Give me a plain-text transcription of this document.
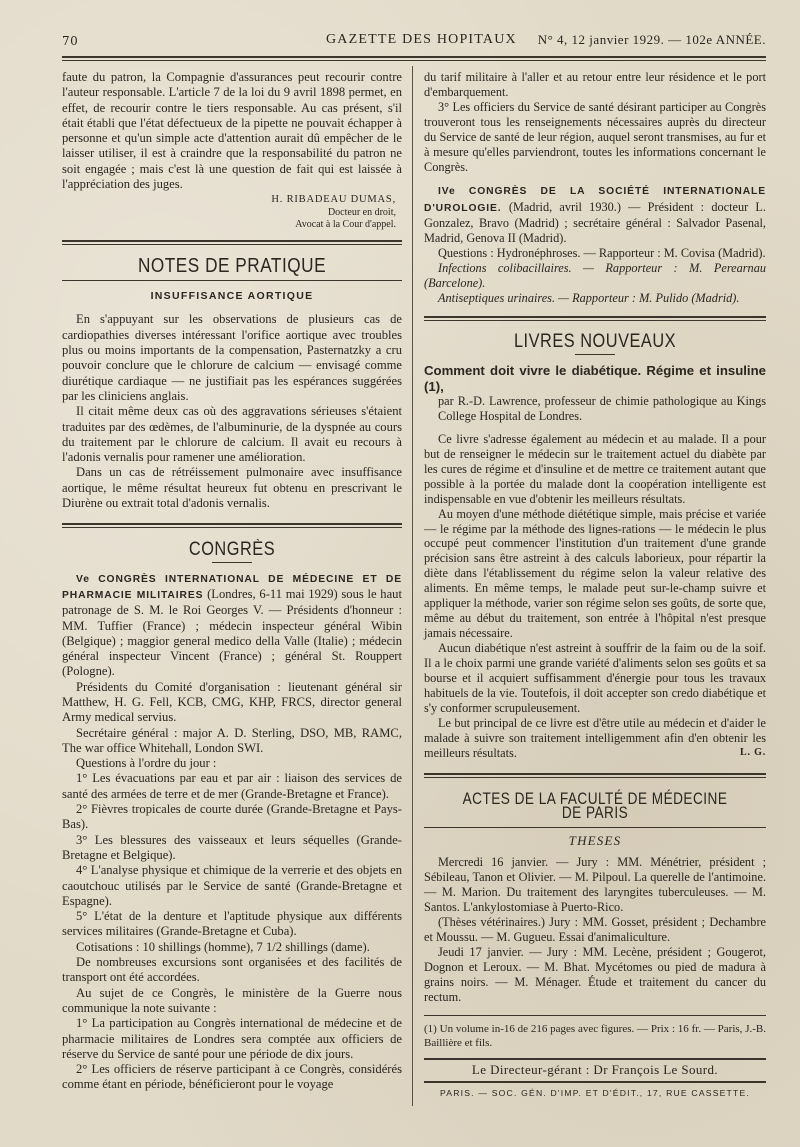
70	GAZETTE DES HOPITAUX N° 4, 12 janvier 1929. — 102e ANNÉE.

faute du patron, la Compagnie d'assurances peut recourir contre l'auteur responsable. L'article 7 de la loi du 9 avril 1898 permet, en effet, de recourir contre le tiers responsable. Au cas présent, s'il était établi que l'état défectueux de la pipette ne pouvait échapper à personne et qu'un simple acte d'attention aurait dû empêcher de le laisser utiliser, il est à craindre que la responsabilité du patron ne soit engagée ; mais c'est là une question de fait qui est laissée à l'appréciation des juges.

H. RIBADEAU DUMAS,
Docteur en droit,
Avocat à la Cour d'appel.
NOTES DE PRATIQUE
INSUFFISANCE AORTIQUE

En s'appuyant sur les observations de plusieurs cas de cardiopathies diverses intéressant l'orifice aortique avec troubles plus ou moins importants de la compensation, Pasternatzky a cru pouvoir conclure que le chlorure de calcium — envisagé comme diurétique cardiaque — ne justifiait pas les espérances suggérées par les cliniciens anglais.

Il citait même deux cas où des aggravations sérieuses s'étaient traduites par des œdèmes, de l'albuminurie, de la dyspnée au cours du traitement par le chlorure de calcium. Il avait eu recours à l'adonis vernalis pour ramener une amélioration.

Dans un cas de rétréissement pulmonaire avec insuffisance aortique, le même résultat heureux fut obtenu en prescrivant le Diurène ou extrait total d'adonis vernalis.

CONGRÈS

Ve CONGRÈS INTERNATIONAL DE MÉDECINE ET DE PHARMACIE MILITAIRES (Londres, 6-11 mai 1929) sous le haut patronage de S. M. le Roi Georges V. — Présidents d'honneur : MM. Tuffier (France) ; médecin inspecteur général Wibin (Belgique) ; maggior general medico della Valle (Italie) ; médecin général inspecteur Vincent (France) ; général St. Rouppert (Pologne).

Présidents du Comité d'organisation : lieutenant général sir Matthew, H. G. Fell, KCB, CMG, KHP, FRCS, director general Army medical servius.

Secrétaire général : major A. D. Sterling, DSO, MB, RAMC, The war office Whitehall, London SWI.

Questions à l'ordre du jour :

1° Les évacuations par eau et par air : liaison des services de santé des armées de terre et de mer (Grande-Bretagne et France).

2° Fièvres tropicales de courte durée (Grande-Bretagne et Pays-Bas).

3° Les blessures des vaisseaux et leurs séquelles (Grande-Bretagne et Belgique).

4° L'analyse physique et chimique de la verrerie et des objets en caoutchouc utilisés par le Service de santé (Grande-Bretagne et Espagne).

5° L'état de la denture et l'aptitude physique aux différents services militaires (Grande-Bretagne et Cuba).

Cotisations : 10 shillings (homme), 7 1/2 shillings (dame).

De nombreuses excursions sont organisées et des facilités de transport ont été accordées.

Au sujet de ce Congrès, le ministère de la Guerre nous communique la note suivante :

1° La participation au Congrès international de médecine et de pharmacie militaires de Londres sera comptée aux officiers de réserve du Service de santé pour une période de dix jours.

2° Les officiers de réserve participant à ce Congrès, considérés comme étant en période, bénéficieront pour le voyage

du tarif militaire à l'aller et au retour entre leur résidence et le port d'embarquement.

3° Les officiers du Service de santé désirant participer au Congrès trouveront tous les renseignements nécessaires auprès du directeur du Service de santé de leur région, auquel seront transmises, au fur et à mesure qu'elles parviendront, toutes les informations concernant le Congrès.

IVe CONGRÈS DE LA SOCIÉTÉ INTERNATIONALE D'UROLOGIE. (Madrid, avril 1930.) — Président : docteur L. Gonzalez, Bravo (Madrid) ; secrétaire général : Salvador Pasenal, Madrid, Genova II (Madrid).

Questions : Hydronéphroses. — Rapporteur : M. Covisa (Madrid).

Infections colibacillaires. — Rapporteur : M. Perearnau (Barcelone).

Antiseptiques urinaires. — Rapporteur : M. Pulido (Madrid).

LIVRES NOUVEAUX
Comment doit vivre le diabétique. Régime et insuline (1),
par R.-D. Lawrence, professeur de chimie pathologique au Kings College Hospital de Londres.

Ce livre s'adresse également au médecin et au malade. Il a pour but de renseigner le médecin sur le traitement actuel du diabète par les cures de régime et d'insuline et de mettre ce traitement autant que possible à la portée du malade dont la coopération intelligente est indispensable en vue d'obtenir les meilleurs résultats.

Au moyen d'une méthode diététique simple, mais précise et variée — le régime par la méthode des lignes-rations — le médecin le plus occupé peut commencer l'institution d'un traitement d'une grande précision sans être astreint à des calculs laborieux, pour répartir la diète dans l'établissement du régime selon la valeur relative des aliments. En même temps, le malade peut sur-le-champ suivre et appliquer la méthode, varier son régime selon ses goûts, de sorte que, même au début du traitement, son entrée à l'hôpital n'est presque jamais nécessaire.

Aucun diabétique n'est astreint à souffrir de la faim ou de la soif. Il a le choix parmi une grande variété d'aliments selon ses goûts et sa bourse et il acquiert suffisamment d'énergie pour tous les travaux habituels de la vie. Toutefois, il doit accepter son credo diabétique et s'y conformer scrupuleusement.

Le but principal de ce livre est d'être utile au médecin et d'aider le malade à suivre son traitement intelligemment afin d'en obtenir les meilleurs résultats.	L. G.

ACTES DE LA FACULTÉ DE MÉDECINE DE PARIS
THESES

Mercredi 16 janvier. — Jury : MM. Ménétrier, président ; Sébileau, Tanon et Olivier. — M. Pilpoul. La querelle de l'antimoine. — M. Marion. Du traitement des laryngites tuberculeuses. — M. Santos. L'ankylostomiase à Puerto-Rico.

(Thèses vétérinaires.) Jury : MM. Gosset, président ; Dechambre et Moussu. — M. Gugueu. Essai d'animaliculture.

Jeudi 17 janvier. — Jury : MM. Lecène, président ; Gougerot, Dognon et Leroux. — M. Bhat. Mycétomes ou pied de madura à grains noirs. — M. Ménager. Étude et traitement du cancer du rectum.

(1) Un volume in-16 de 216 pages avec figures. — Prix : 16 fr. — Paris, J.-B. Baillière et fils.
Le Directeur-gérant : Dr François Le Sourd.
PARIS. — SOC. GÉN. D'IMP. ET D'ÉDIT., 17, RUE CASSETTE.
